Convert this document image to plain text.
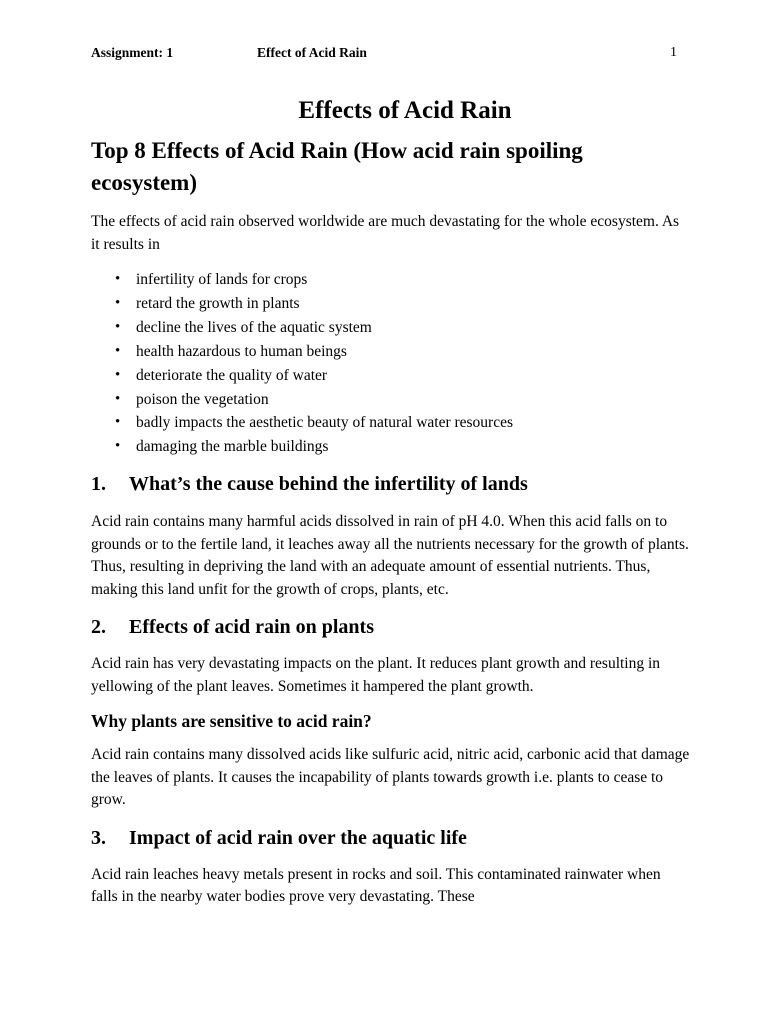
Assignment: 1	Effect of Acid Rain	1
Effects of Acid Rain
Top 8 Effects of Acid Rain (How acid rain spoiling ecosystem)

The effects of acid rain observed worldwide are much devastating for the whole ecosystem. As it results in

• infertility of lands for crops
• retard the growth in plants
• decline the lives of the aquatic system
• health hazardous to human beings
• deteriorate the quality of water
• poison the vegetation
• badly impacts the aesthetic beauty of natural water resources
• damaging the marble buildings
1.	What’s the cause behind the infertility of lands

Acid rain contains many harmful acids dissolved in rain of pH 4.0. When this acid falls on to grounds or to the fertile land, it leaches away all the nutrients necessary for the growth of plants. Thus, resulting in depriving the land with an adequate amount of essential nutrients. Thus, making this land unfit for the growth of crops, plants, etc.

2.	Effects of acid rain on plants

Acid rain has very devastating impacts on the plant. It reduces plant growth and resulting in yellowing of the plant leaves. Sometimes it hampered the plant growth.

Why plants are sensitive to acid rain?

Acid rain contains many dissolved acids like sulfuric acid, nitric acid, carbonic acid that damage the leaves of plants. It causes the incapability of plants towards growth i.e. plants to cease to grow.

3.	Impact of acid rain over the aquatic life

Acid rain leaches heavy metals present in rocks and soil. This contaminated rainwater when falls in the nearby water bodies prove very devastating. These
